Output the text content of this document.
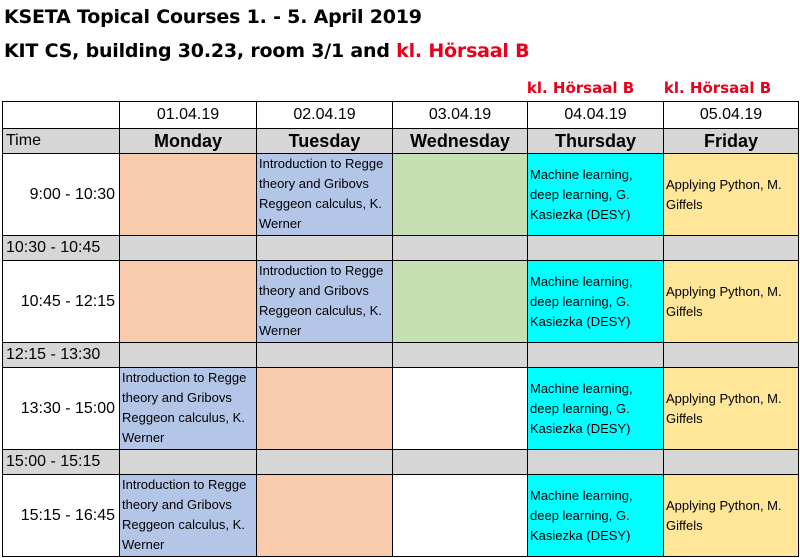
KSETA Topical Courses 1. - 5. April 2019
KIT CS, building 30.23, room 3/1 and kl. Hörsaal B
kl. Hörsaal B	kl. Hörsaal B
	01.04.19	02.04.19	03.04.19	04.04.19	05.04.19
Time	Monday	Tuesday	Wednesday	Thursday	Friday
9:00 - 10:30		Introduction to Regge theory and Gribovs Reggeon calculus, K. Werner		Machine learning, deep learning, G. Kasiezka (DESY)	Applying Python, M. Giffels
10:30 - 10:45					
10:45 - 12:15		Introduction to Regge theory and Gribovs Reggeon calculus, K. Werner		Machine learning, deep learning, G. Kasiezka (DESY)	Applying Python, M. Giffels
12:15 - 13:30					
13:30 - 15:00	Introduction to Regge theory and Gribovs Reggeon calculus, K. Werner			Machine learning, deep learning, G. Kasiezka (DESY)	Applying Python, M. Giffels
15:00 - 15:15					
15:15 - 16:45	Introduction to Regge theory and Gribovs Reggeon calculus, K. Werner			Machine learning, deep learning, G. Kasiezka (DESY)	Applying Python, M. Giffels
